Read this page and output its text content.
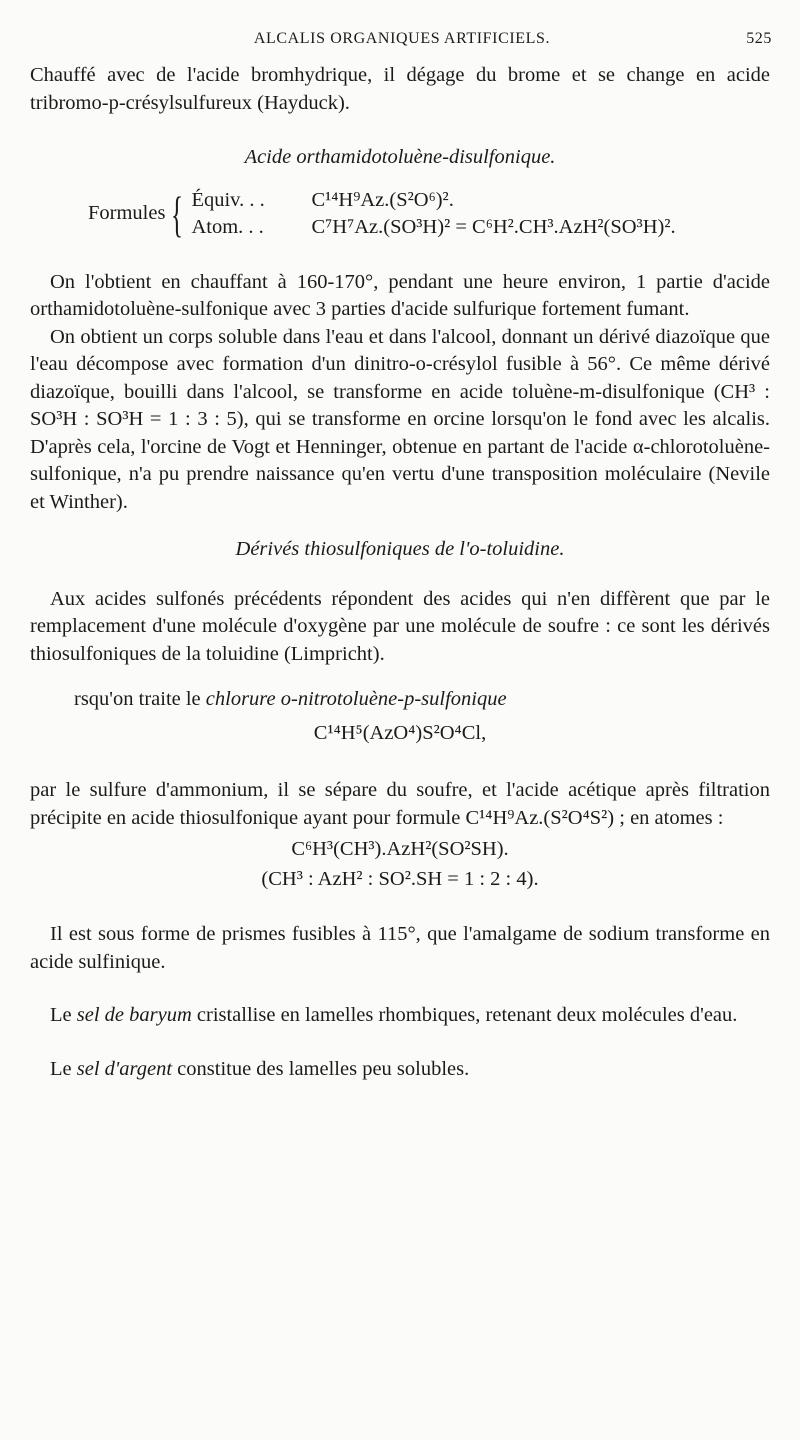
ALCALIS ORGANIQUES ARTIFICIELS.	525

Chauffé avec de l'acide bromhydrique, il dégage du brome et se change en acide tribromo-p-crésylsulfureux (Hayduck).

Acide orthamidotoluène-disulfonique.

Formules { Équiv. . . C¹⁴H⁹Az.(S²O⁶)².
Atom. . . C⁷H⁷Az.(SO³H)² = C⁶H².CH³.AzH²(SO³H)².

On l'obtient en chauffant à 160-170°, pendant une heure environ, 1 partie d'acide orthamidotoluène-sulfonique avec 3 parties d'acide sulfurique fortement fumant.

On obtient un corps soluble dans l'eau et dans l'alcool, donnant un dérivé diazoïque que l'eau décompose avec formation d'un dinitro-o-crésylol fusible à 56°. Ce même dérivé diazoïque, bouilli dans l'alcool, se transforme en acide toluène-m-disulfonique (CH³ : SO³H : SO³H = 1 : 3 : 5), qui se transforme en orcine lorsqu'on le fond avec les alcalis. D'après cela, l'orcine de Vogt et Henninger, obtenue en partant de l'acide α-chlorotoluène-sulfonique, n'a pu prendre naissance qu'en vertu d'une transposition moléculaire (Nevile et Winther).

Dérivés thiosulfoniques de l'o-toluidine.

Aux acides sulfonés précédents répondent des acides qui n'en diffèrent que par le remplacement d'une molécule d'oxygène par une molécule de soufre : ce sont les dérivés thiosulfoniques de la toluidine (Limpricht).

rsqu'on traite le chlorure o-nitrotoluène-p-sulfonique

C¹⁴H⁵(AzO⁴)S²O⁴Cl,

par le sulfure d'ammonium, il se sépare du soufre, et l'acide acétique après filtration précipite en acide thiosulfonique ayant pour formule C¹⁴H⁹Az.(S²O⁴S²) ; en atomes :

C⁶H³(CH³).AzH²(SO²SH).

(CH³ : AzH² : SO².SH = 1 : 2 : 4).

Il est sous forme de prismes fusibles à 115°, que l'amalgame de sodium transforme en acide sulfinique.

Le sel de baryum cristallise en lamelles rhombiques, retenant deux molécules d'eau.

Le sel d'argent constitue des lamelles peu solubles.
